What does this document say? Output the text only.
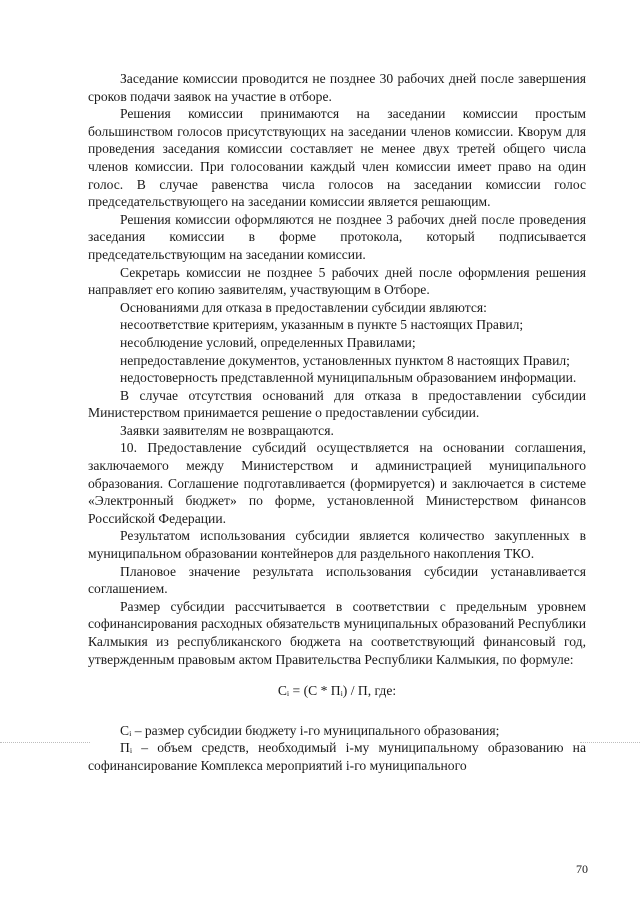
Заседание комиссии проводится не позднее 30 рабочих дней после завершения сроков подачи заявок на участие в отборе.

Решения комиссии принимаются на заседании комиссии простым большинством голосов присутствующих на заседании членов комиссии. Кворум для проведения заседания комиссии составляет не менее двух третей общего числа членов комиссии. При голосовании каждый член комиссии имеет право на один голос. В случае равенства числа голосов на заседании комиссии голос председательствующего на заседании комиссии является решающим.

Решения комиссии оформляются не позднее 3 рабочих дней после проведения заседания комиссии в форме протокола, который подписывается председательствующим на заседании комиссии.

Секретарь комиссии не позднее 5 рабочих дней после оформления решения направляет его копию заявителям, участвующим в Отборе.

Основаниями для отказа в предоставлении субсидии являются:

несоответствие критериям, указанным в пункте 5 настоящих Правил;

несоблюдение условий, определенных Правилами;

непредоставление документов, установленных пунктом 8 настоящих Правил;

недостоверность представленной муниципальным образованием информации.

В случае отсутствия оснований для отказа в предоставлении субсидии Министерством принимается решение о предоставлении субсидии.

Заявки заявителям не возвращаются.

10. Предоставление субсидий осуществляется на основании соглашения, заключаемого между Министерством и администрацией муниципального образования. Соглашение подготавливается (формируется) и заключается в системе «Электронный бюджет» по форме, установленной Министерством финансов Российской Федерации.

Результатом использования субсидии является количество закупленных в муниципальном образовании контейнеров для раздельного накопления ТКО.

Плановое значение результата использования субсидии устанавливается соглашением.

Размер субсидии рассчитывается в соответствии с предельным уровнем софинансирования расходных обязательств муниципальных образований Республики Калмыкия из республиканского бюджета на соответствующий финансовый год, утвержденным правовым актом Правительства Республики Калмыкия, по формуле:

Cᵢ = (C * Пᵢ) / П, где:

Cᵢ – размер субсидии бюджету i-го муниципального образования;

Пᵢ – объем средств, необходимый i-му муниципальному образованию на софинансирование Комплекса мероприятий i-го муниципального

70
